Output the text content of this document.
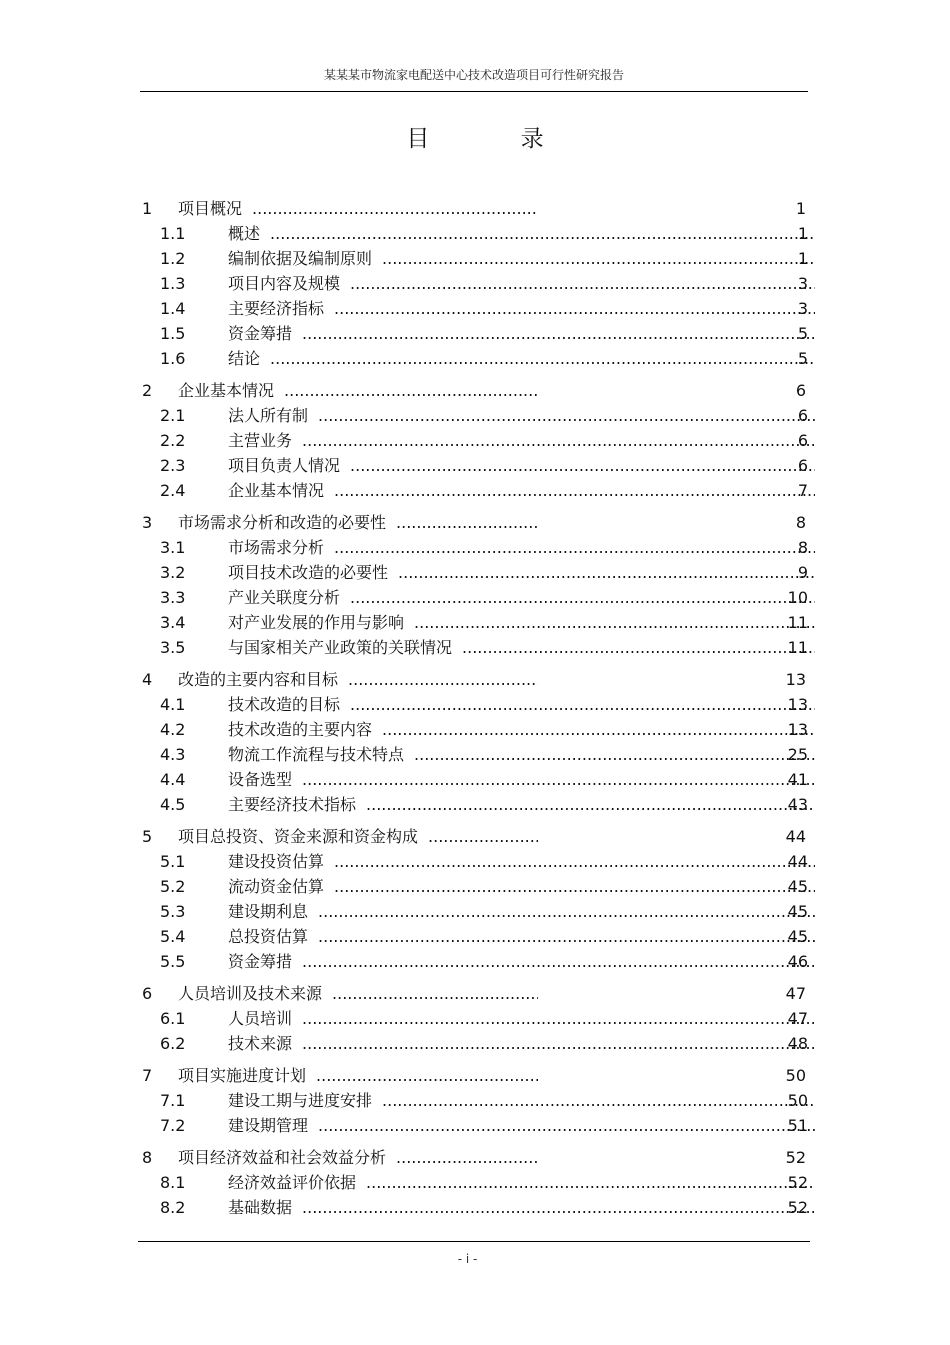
某某某市物流家电配送中心技术改造项目可行性研究报告
目	录
1 项目概况 .....	1
1.1	概述 .....	1
1.2	编制依据及编制原则 .....	1
1.3	项目内容及规模 .....	3
1.4	主要经济指标 .....	3
1.5	资金筹措 .....	5
1.6	结论 .....	5
2 企业基本情况 .....	6
2.1	法人所有制 .....	6
2.2	主营业务 .....	6
2.3	项目负责人情况 .....	6
2.4	企业基本情况 .....	7
3 市场需求分析和改造的必要性 .....	8
3.1	市场需求分析 .....	8
3.2	项目技术改造的必要性 .....	9
3.3	产业关联度分析 .....	10
3.4	对产业发展的作用与影响 .....	11
3.5	与国家相关产业政策的关联情况 .....	11
4 改造的主要内容和目标 .....	13
4.1	技术改造的目标 .....	13
4.2	技术改造的主要内容 .....	13
4.3	物流工作流程与技术特点 .....	25
4.4	设备选型 .....	41
4.5	主要经济技术指标 .....	43
5 项目总投资、资金来源和资金构成 .....	44
5.1	建设投资估算 .....	44
5.2	流动资金估算 .....	45
5.3	建设期利息 .....	45
5.4	总投资估算 .....	45
5.5	资金筹措 .....	46
6 人员培训及技术来源 .....	47
6.1	人员培训 .....	47
6.2	技术来源 .....	48
7 项目实施进度计划 .....	50
7.1	建设工期与进度安排 .....	50
7.2	建设期管理 .....	51
8 项目经济效益和社会效益分析 .....	52
8.1	经济效益评价依据 .....	52
8.2	基础数据 .....	52
- i -
